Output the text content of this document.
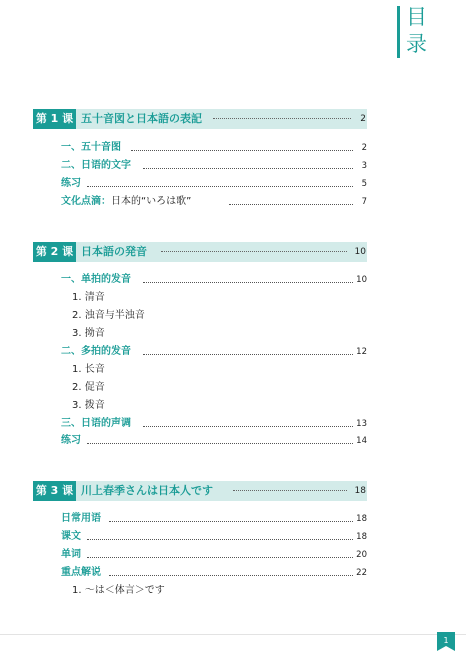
目录
第 1 课 五十音図と日本語の表記	2
一、五十音图	2
二、日语的文字	3
练习	5
文化点滴：日本的“いろは歌”	7
第 2 课 日本語の発音	10
一、单拍的发音	10
1. 清音
2. 浊音与半浊音
3. 拗音
二、多拍的发音	12
1. 长音
2. 促音
3. 拨音
三、日语的声调	13
练习	14
第 3 课 川上春季さんは日本人です	18
日常用语	18
课文	18
单词	20
重点解说	22
1. ～は＜体言＞です
1
